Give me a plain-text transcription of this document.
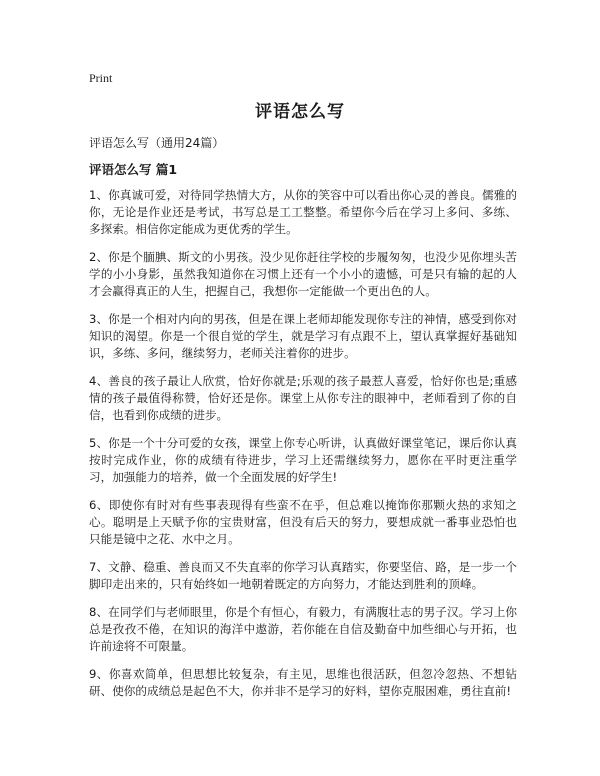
Print
评语怎么写
评语怎么写（通用24篇）
评语怎么写 篇1

1、你真诚可爱，对待同学热情大方，从你的笑容中可以看出你心灵的善良。儒雅的你，无论是作业还是考试，书写总是工工整整。希望你今后在学习上多问、多练、多探索。相信你定能成为更优秀的学生。

2、你是个腼腆、斯文的小男孩。没少见你赶往学校的步履匆匆，也没少见你埋头苦学的小小身影，虽然我知道你在习惯上还有一个小小的遗憾，可是只有输的起的人才会赢得真正的人生，把握自己，我想你一定能做一个更出色的人。

3、你是一个相对内向的男孩，但是在课上老师却能发现你专注的神情，感受到你对知识的渴望。你是一个很自觉的学生，就是学习有点跟不上，望认真掌握好基础知识，多练、多问，继续努力，老师关注着你的进步。

4、善良的孩子最让人欣赏，恰好你就是;乐观的孩子最惹人喜爱，恰好你也是;重感情的孩子最值得称赞，恰好还是你。课堂上从你专注的眼神中，老师看到了你的自信，也看到你成绩的进步。

5、你是一个十分可爱的女孩，课堂上你专心听讲，认真做好课堂笔记，课后你认真按时完成作业，你的成绩有待进步，学习上还需继续努力，愿你在平时更注重学习，加强能力的培养，做一个全面发展的好学生!

6、即使你有时对有些事表现得有些蛮不在乎，但总难以掩饰你那颗火热的求知之心。聪明是上天赋予你的宝贵财富，但没有后天的努力，要想成就一番事业恐怕也只能是镜中之花、水中之月。

7、文静、稳重、善良而又不失直率的你学习认真踏实，你要坚信、路，是一步一个脚印走出来的，只有始终如一地朝着既定的方向努力，才能达到胜利的顶峰。

8、在同学们与老师眼里，你是个有恒心，有毅力，有满腹壮志的男子汉。学习上你总是孜孜不倦，在知识的海洋中遨游，若你能在自信及勤奋中加些细心与开拓，也许前途将不可限量。

9、你喜欢简单，但思想比较复杂，有主见，思维也很活跃，但忽冷忽热、不想钻研、使你的成绩总是起色不大，你并非不是学习的好料，望你克服困难，勇往直前!
